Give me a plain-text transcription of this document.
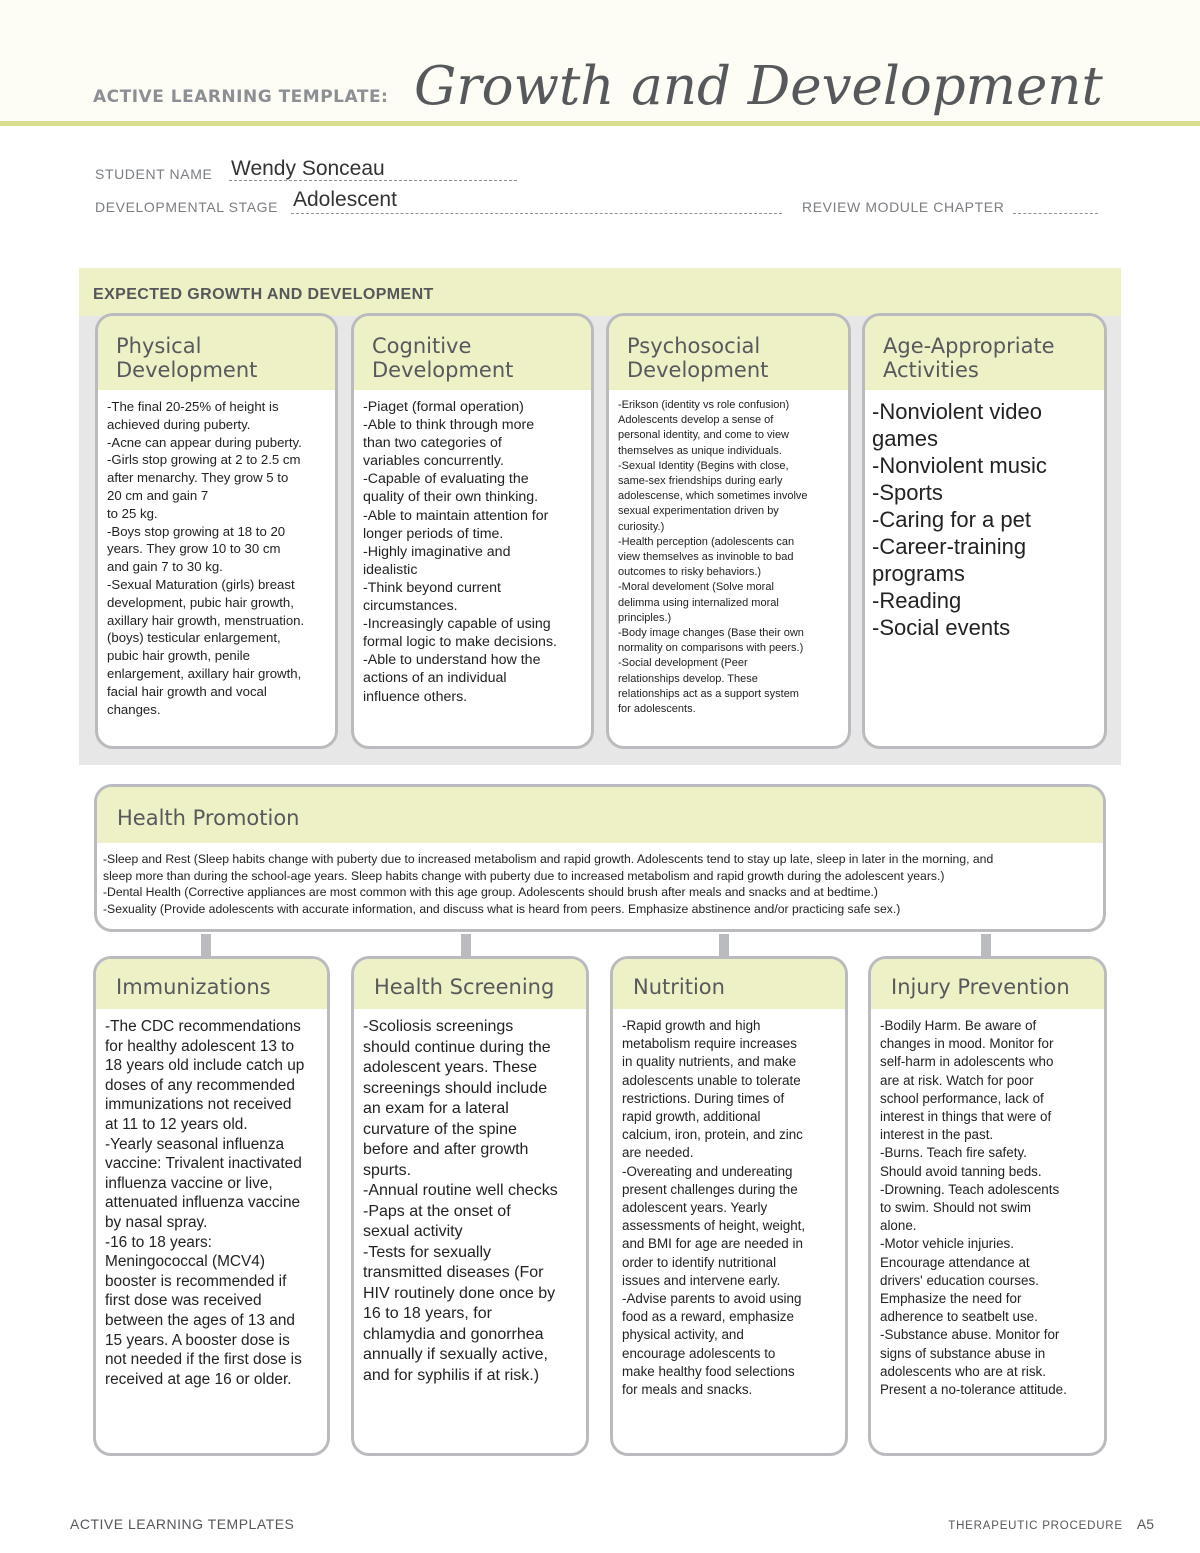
ACTIVE LEARNING TEMPLATE: Growth and Development
STUDENT NAME Wendy Sonceau
DEVELOPMENTAL STAGE Adolescent	REVIEW MODULE CHAPTER
EXPECTED GROWTH AND DEVELOPMENT
Physical
Development
-The final 20-25% of height is
achieved during puberty.
-Acne can appear during puberty.
-Girls stop growing at 2 to 2.5 cm
after menarchy. They grow 5 to
20 cm and gain 7
to 25 kg.
-Boys stop growing at 18 to 20
years. They grow 10 to 30 cm
and gain 7 to 30 kg.
-Sexual Maturation (girls) breast
development, pubic hair growth,
axillary hair growth, menstruation.
(boys) testicular enlargement,
pubic hair growth, penile
enlargement, axillary hair growth,
facial hair growth and vocal
changes.
Cognitive
Development
-Piaget (formal operation)
-Able to think through more
than two categories of
variables concurrently.
-Capable of evaluating the
quality of their own thinking.
-Able to maintain attention for
longer periods of time.
-Highly imaginative and
idealistic
-Think beyond current
circumstances.
-Increasingly capable of using
formal logic to make decisions.
-Able to understand how the
actions of an individual
influence others.
Psychosocial
Development
-Erikson (identity vs role confusion)
Adolescents develop a sense of
personal identity, and come to view
themselves as unique individuals.
-Sexual Identity (Begins with close,
same-sex friendships during early
adolescense, which sometimes involve
sexual experimentation driven by
curiosity.)
-Health perception (adolescents can
view themselves as invinoble to bad
outcomes to risky behaviors.)
-Moral develoment (Solve moral
delimma using internalized moral
principles.)
-Body image changes (Base their own
normality on comparisons with peers.)
-Social development (Peer
relationships develop. These
relationships act as a support system
for adolescents.
Age-Appropriate
Activities
-Nonviolent video
games
-Nonviolent music
-Sports
-Caring for a pet
-Career-training
programs
-Reading
-Social events
Health Promotion
-Sleep and Rest (Sleep habits change with puberty due to increased metabolism and rapid growth. Adolescents tend to stay up late, sleep in later in the morning, and
sleep more than during the school-age years. Sleep habits change with puberty due to increased metabolism and rapid growth during the adolescent years.)
-Dental Health (Corrective appliances are most common with this age group. Adolescents should brush after meals and snacks and at bedtime.)
-Sexuality (Provide adolescents with accurate information, and discuss what is heard from peers. Emphasize abstinence and/or practicing safe sex.)
Immunizations
-The CDC recommendations
for healthy adolescent 13 to
18 years old include catch up
doses of any recommended
immunizations not received
at 11 to 12 years old.
-Yearly seasonal influenza
vaccine: Trivalent inactivated
influenza vaccine or live,
attenuated influenza vaccine
by nasal spray.
-16 to 18 years:
Meningococcal (MCV4)
booster is recommended if
first dose was received
between the ages of 13 and
15 years. A booster dose is
not needed if the first dose is
received at age 16 or older.
Health Screening
-Scoliosis screenings
should continue during the
adolescent years. These
screenings should include
an exam for a lateral
curvature of the spine
before and after growth
spurts.
-Annual routine well checks
-Paps at the onset of
sexual activity
-Tests for sexually
transmitted diseases (For
HIV routinely done once by
16 to 18 years, for
chlamydia and gonorrhea
annually if sexually active,
and for syphilis if at risk.)
Nutrition
-Rapid growth and high
metabolism require increases
in quality nutrients, and make
adolescents unable to tolerate
restrictions. During times of
rapid growth, additional
calcium, iron, protein, and zinc
are needed.
-Overeating and undereating
present challenges during the
adolescent years. Yearly
assessments of height, weight,
and BMI for age are needed in
order to identify nutritional
issues and intervene early.
-Advise parents to avoid using
food as a reward, emphasize
physical activity, and
encourage adolescents to
make healthy food selections
for meals and snacks.
Injury Prevention
-Bodily Harm. Be aware of
changes in mood. Monitor for
self-harm in adolescents who
are at risk. Watch for poor
school performance, lack of
interest in things that were of
interest in the past.
-Burns. Teach fire safety.
Should avoid tanning beds.
-Drowning. Teach adolescents
to swim. Should not swim
alone.
-Motor vehicle injuries.
Encourage attendance at
drivers' education courses.
Emphasize the need for
adherence to seatbelt use.
-Substance abuse. Monitor for
signs of substance abuse in
adolescents who are at risk.
Present a no-tolerance attitude.
ACTIVE LEARNING TEMPLATES	THERAPEUTIC PROCEDURE A5
